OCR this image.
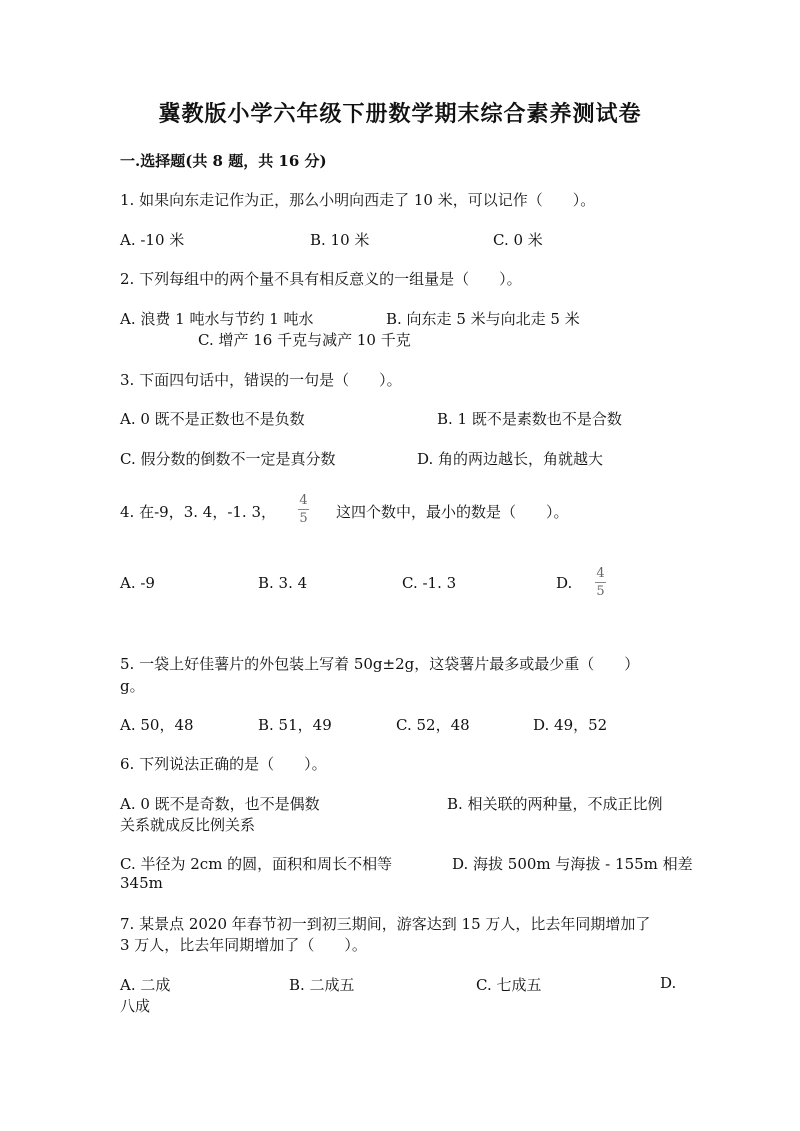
冀教版小学六年级下册数学期末综合素养测试卷
一.选择题(共 8 题，共 16 分)
1. 如果向东走记作为正，那么小明向西走了 10 米，可以记作（　　）。
A. -10 米	B. 10 米	C. 0 米
2. 下列每组中的两个量不具有相反意义的一组量是（　　）。
A. 浪费 1 吨水与节约 1 吨水	B. 向东走 5 米与向北走 5 米
C. 增产 16 千克与减产 10 千克
3. 下面四句话中，错误的一句是（　　）。
A. 0 既不是正数也不是负数	B. 1 既不是素数也不是合数
C. 假分数的倒数不一定是真分数	D. 角的两边越长，角就越大
4. 在-9，3. 4，-1. 3，
4
5 这四个数中，最小的数是（　　）。
A. -9	B. 3. 4	C. -1. 3	D.
4
5
5. 一袋上好佳薯片的外包装上写着 50g±2g，这袋薯片最多或最少重（　　）
g。
A. 50，48	B. 51，49	C. 52，48	D. 49，52
6. 下列说法正确的是（　　）。
A. 0 既不是奇数，也不是偶数	B. 相关联的两种量，不成正比例
关系就成反比例关系
C. 半径为 2cm 的圆，面积和周长不相等	D. 海拔 500m 与海拔 - 155m 相差
345m
7. 某景点 2020 年春节初一到初三期间，游客达到 15 万人，比去年同期增加了
3 万人，比去年同期增加了（　　）。
A. 二成	B. 二成五	C. 七成五	D.
八成
